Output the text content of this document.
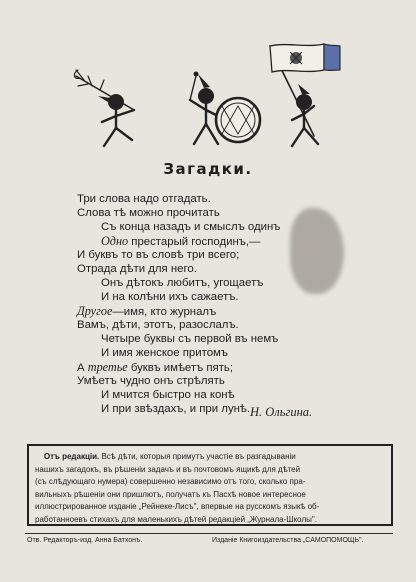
Загадки.
Три слова надо отгадать.
Слова тѣ можно прочитать
Съ конца назадъ и смыслъ одинъ
Одно престарый господинъ,—
И буквъ то въ словѣ три всего;
Отрада дѣти для него.
Онъ дѣтокъ любитъ, угощаетъ
И на колѣни ихъ сажаетъ.
Другое—имя, кто журналъ
Вамъ, дѣти, этотъ, разослалъ.
Четыре буквы съ первой въ немъ
И имя женское притомъ
А третье буквъ имѣетъ пять;
Умѣетъ чудно онъ стрѣлять
И мчится быстро на конѣ
И при звѣздахъ, и при лунѣ. Н. Ольгина.
Отъ редакціи. Всѣ дѣти, которыя примутъ участіе въ разгадываніи
нашихъ загадокъ, въ рѣшеніи задачъ и въ почтовомъ ящикѣ для дѣтей
(съ слѣдующаго нумера) совершенно независимо отъ того, сколько пра-
вильныхъ рѣшеніи они пришлютъ, получатъ къ Пасхѣ новое интересное
иллюстрированное изданіе „Рейнеке-Лисъ", впервые на русскомъ языкѣ об-
работанноевъ стихахъ для маленькихъ дѣтей редакціей „Журнала-Школы".
Отв. Редакторъ-изд. Анна Батхонъ.	Изданіе Книгоиздательства „САМОПОМОЩЬ".
